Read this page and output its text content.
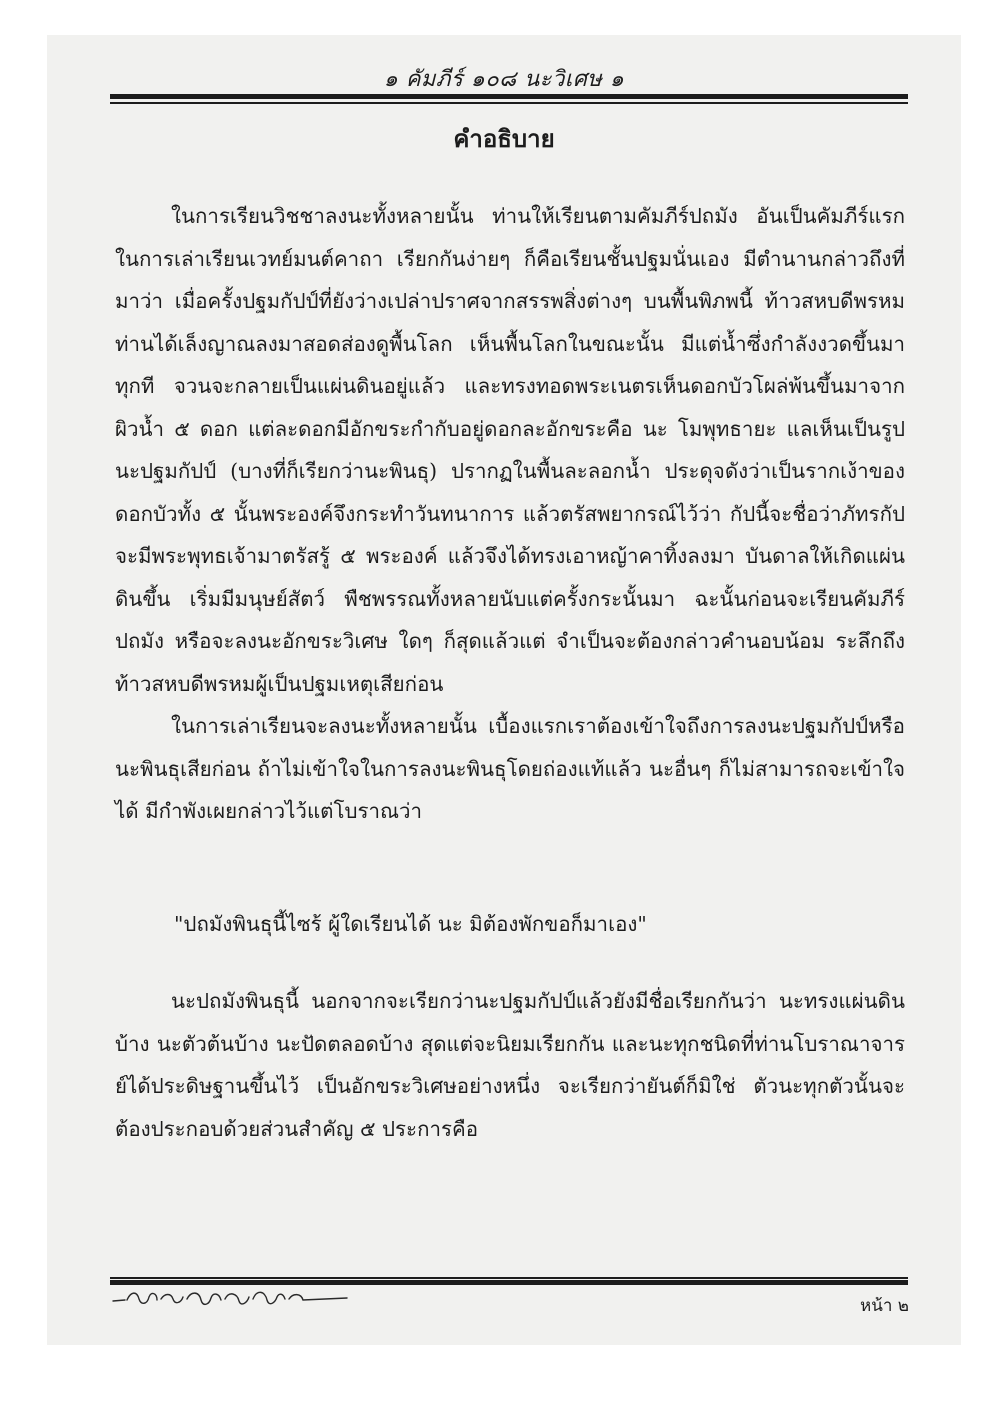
๑ คัมภีร์ ๑๐๘ นะวิเศษ ๑
คำอธิบาย

ในการเรียนวิชชาลงนะทั้งหลายนั้น ท่านให้เรียนตามคัมภีร์ปถมัง อันเป็นคัมภีร์แรก ในการเล่าเรียนเวทย์มนต์คาถา เรียกกันง่ายๆ ก็คือเรียนชั้นปฐมนั่นเอง มีตำนานกล่าวถึงที่มาว่า เมื่อครั้งปฐมกัปป์ที่ยังว่างเปล่าปราศจากสรรพสิ่งต่างๆ บนพื้นพิภพนี้ ท้าวสหบดีพรหม ท่านได้เล็งญาณลงมาสอดส่องดูพื้นโลก เห็นพื้นโลกในขณะนั้น มีแต่น้ำซึ่งกำลังงวดขึ้นมาทุกที จวนจะกลายเป็นแผ่นดินอยู่แล้ว และทรงทอดพระเนตรเห็นดอกบัวโผล่พ้นขึ้นมาจากผิวน้ำ ๕ ดอก แต่ละดอกมีอักขระกำกับอยู่ดอกละอักขระคือ นะ โมพุทธายะ แลเห็นเป็นรูปนะปฐมกัปป์ (บางที่ก็เรียกว่านะพินธุ) ปรากฏในพื้นละลอกน้ำ ประดุจดังว่าเป็นรากเง้าของดอกบัวทั้ง ๕ นั้นพระองค์จึงกระทำวันทนาการ แล้วตรัสพยากรณ์ไว้ว่า กัปนี้จะชื่อว่าภัทรกัป จะมีพระพุทธเจ้ามาตรัสรู้ ๕ พระองค์ แล้วจึงได้ทรงเอาหญ้าคาทิ้งลงมา บันดาลให้เกิดแผ่นดินขึ้น เริ่มมีมนุษย์สัตว์ พืชพรรณทั้งหลายนับแต่ครั้งกระนั้นมา ฉะนั้นก่อนจะเรียนคัมภีร์ปถมัง หรือจะลงนะอักขระวิเศษ ใดๆ ก็สุดแล้วแต่ จำเป็นจะต้องกล่าวคำนอบน้อม ระลึกถึงท้าวสหบดีพรหมผู้เป็นปฐมเหตุเสียก่อน

ในการเล่าเรียนจะลงนะทั้งหลายนั้น เบื้องแรกเราต้องเข้าใจถึงการลงนะปฐมกัปป์หรือนะพินธุเสียก่อน ถ้าไม่เข้าใจในการลงนะพินธุโดยถ่องแท้แล้ว นะอื่นๆ ก็ไม่สามารถจะเข้าใจได้ มีกำพังเผยกล่าวไว้แต่โบราณว่า

"ปถมังพินธุนี้ไซร้ ผู้ใดเรียนได้ นะ มิต้องพักขอก็มาเอง"

นะปถมังพินธุนี้ นอกจากจะเรียกว่านะปฐมกัปป์แล้วยังมีชื่อเรียกกันว่า นะทรงแผ่นดินบ้าง นะตัวต้นบ้าง นะปัดตลอดบ้าง สุดแต่จะนิยมเรียกกัน และนะทุกชนิดที่ท่านโบราณาจารย์ได้ประดิษฐานขึ้นไว้ เป็นอักขระวิเศษอย่างหนึ่ง จะเรียกว่ายันต์ก็มิใช่ ตัวนะทุกตัวนั้นจะต้องประกอบด้วยส่วนสำคัญ ๕ ประการคือ

หน้า ๒
